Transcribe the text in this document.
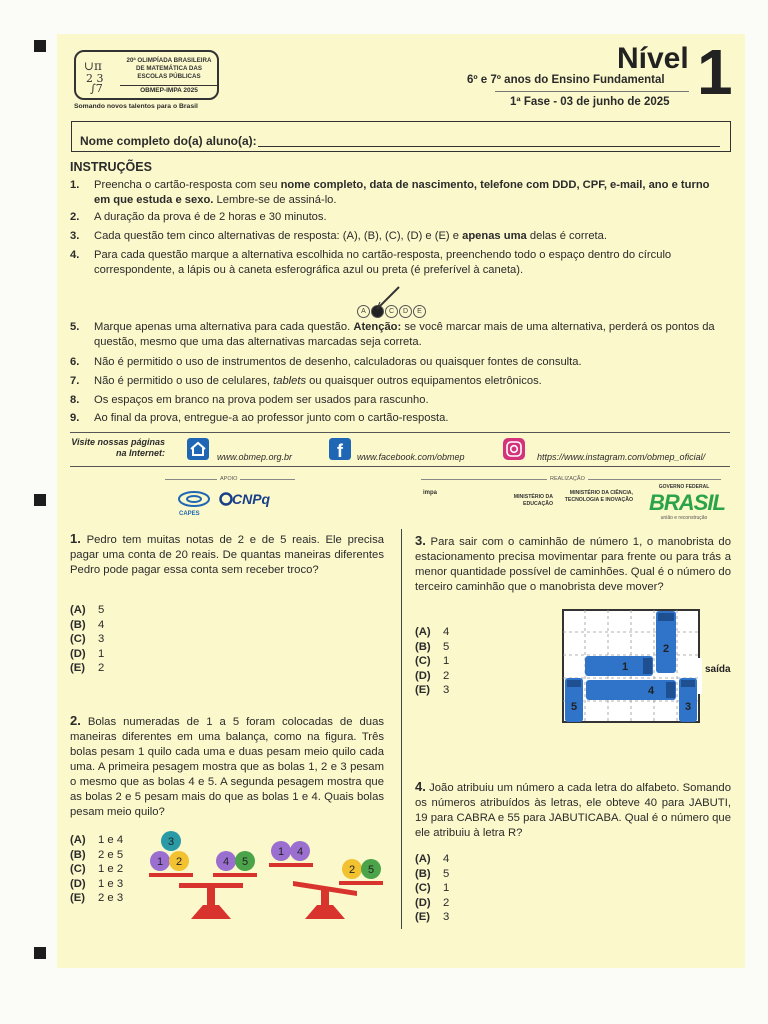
∪π
2 3
∫7
20ª OLIMPÍADA BRASILEIRA
DE MATEMÁTICA DAS
ESCOLAS PÚBLICAS
OBMEP-IMPA 2025
Somando novos talentos para o Brasil
Nível 1
6º e 7º anos do Ensino Fundamental
1ª Fase - 03 de junho de 2025
Nome completo do(a) aluno(a):
INSTRUÇÕES
1. Preencha o cartão-resposta com seu nome completo, data de nascimento, telefone com DDD, CPF, e-mail, ano e turno em que estuda e sexo. Lembre-se de assiná-lo.
2. A duração da prova é de 2 horas e 30 minutos.
3. Cada questão tem cinco alternativas de resposta: (A), (B), (C), (D) e (E) e apenas uma delas é correta.
4. Para cada questão marque a alternativa escolhida no cartão-resposta, preenchendo todo o espaço dentro do círculo correspondente, a lápis ou à caneta esferográfica azul ou preta (é preferível à caneta).
A	C	D	E
5. Marque apenas uma alternativa para cada questão. Atenção: se você marcar mais de uma alternativa, perderá os pontos da questão, mesmo que uma das alternativas marcadas seja correta.
6. Não é permitido o uso de instrumentos de desenho, calculadoras ou quaisquer fontes de consulta.
7. Não é permitido o uso de celulares, tablets ou quaisquer outros equipamentos eletrônicos.
8. Os espaços em branco na prova podem ser usados para rascunho.
9. Ao final da prova, entregue-a ao professor junto com o cartão-resposta.
Visite nossas páginas na Internet:	www.obmep.org.br f www.facebook.com/obmep	https://www.instagram.com/obmep_oficial/
APOIO	REALIZAÇÃO
CAPES
CNPq	impa
MINISTÉRIO DA EDUCAÇÃO
MINISTÉRIO DA CIÊNCIA, TECNOLOGIA E INOVAÇÃO
GOVERNO FEDERAL
BRASIL
união e reconstrução
1. Pedro tem muitas notas de 2 e de 5 reais. Ele precisa pagar uma conta de 20 reais. De quantas maneiras diferentes Pedro pode pagar essa conta sem receber troco?
(A) 5
(B) 4
(C) 3
(D) 1
(E) 2
2. Bolas numeradas de 1 a 5 foram colocadas de duas maneiras diferentes em uma balança, como na figura. Três bolas pesam 1 quilo cada uma e duas pesam meio quilo cada uma. A primeira pesagem mostra que as bolas 1, 2 e 3 pesam o mesmo que as bolas 4 e 5. A segunda pesagem mostra que as bolas 2 e 5 pesam mais do que as bolas 1 e 4. Quais bolas pesam meio quilo?
(A) 1 e 4
(B) 2 e 5
(C) 1 e 2
(D) 1 e 3
(E) 2 e 3
3
1 2	4 5
1 4
2 5
3. Para sair com o caminhão de número 1, o manobrista do estacionamento precisa movimentar para frente ou para trás a menor quantidade possível de caminhões. Qual é o número do terceiro caminhão que o manobrista deve mover?
(A) 4
(B) 5
(C) 1
(D) 2
(E) 3
2
1
4
5	3
saída
4. João atribuiu um número a cada letra do alfabeto. Somando os números atribuídos às letras, ele obteve 40 para JABUTI, 19 para CABRA e 55 para JABUTICABA. Qual é o número que ele atribuiu à letra R?
(A) 4
(B) 5
(C) 1
(D) 2
(E) 3
